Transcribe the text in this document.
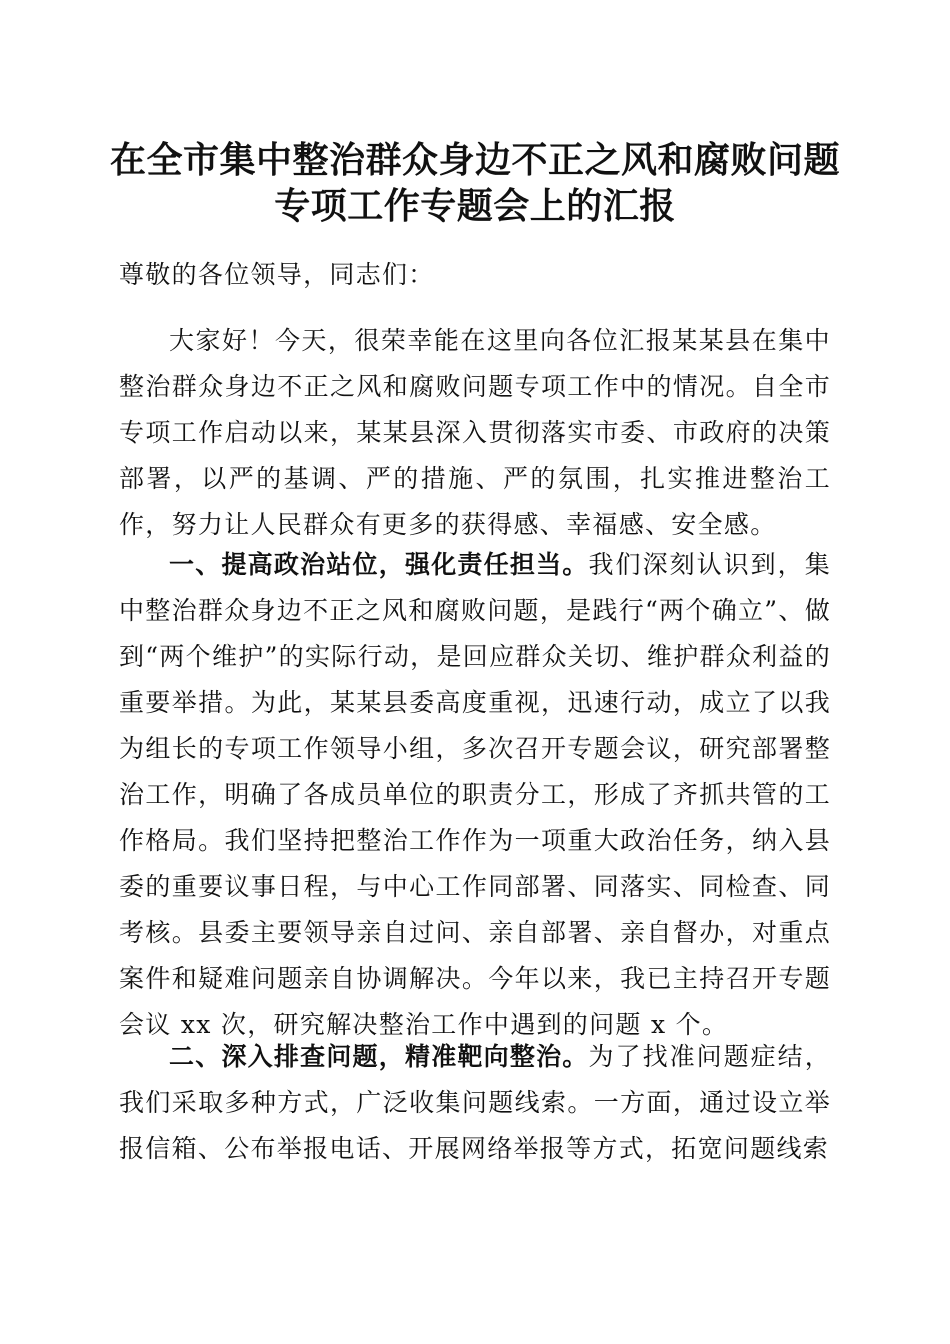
在全市集中整治群众身边不正之风和腐败问题
专项工作专题会上的汇报
尊敬的各位领导，同志们：
大家好！今天，很荣幸能在这里向各位汇报某某县在集中整治群众身边不正之风和腐败问题专项工作中的情况。自全市专项工作启动以来，某某县深入贯彻落实市委、市政府的决策部署，以严的基调、严的措施、严的氛围，扎实推进整治工作，努力让人民群众有更多的获得感、幸福感、安全感。
一、提高政治站位，强化责任担当。我们深刻认识到，集中整治群众身边不正之风和腐败问题，是践行“两个确立”、做到“两个维护”的实际行动，是回应群众关切、维护群众利益的重要举措。为此，某某县委高度重视，迅速行动，成立了以我为组长的专项工作领导小组，多次召开专题会议，研究部署整治工作，明确了各成员单位的职责分工，形成了齐抓共管的工作格局。我们坚持把整治工作作为一项重大政治任务，纳入县委的重要议事日程，与中心工作同部署、同落实、同检查、同考核。县委主要领导亲自过问、亲自部署、亲自督办，对重点案件和疑难问题亲自协调解决。今年以来，我已主持召开专题会议 xx 次，研究解决整治工作中遇到的问题 x 个。
二、深入排查问题，精准靶向整治。为了找准问题症结，我们采取多种方式，广泛收集问题线索。一方面，通过设立举报信箱、公布举报电话、开展网络举报等方式，拓宽问题线索
